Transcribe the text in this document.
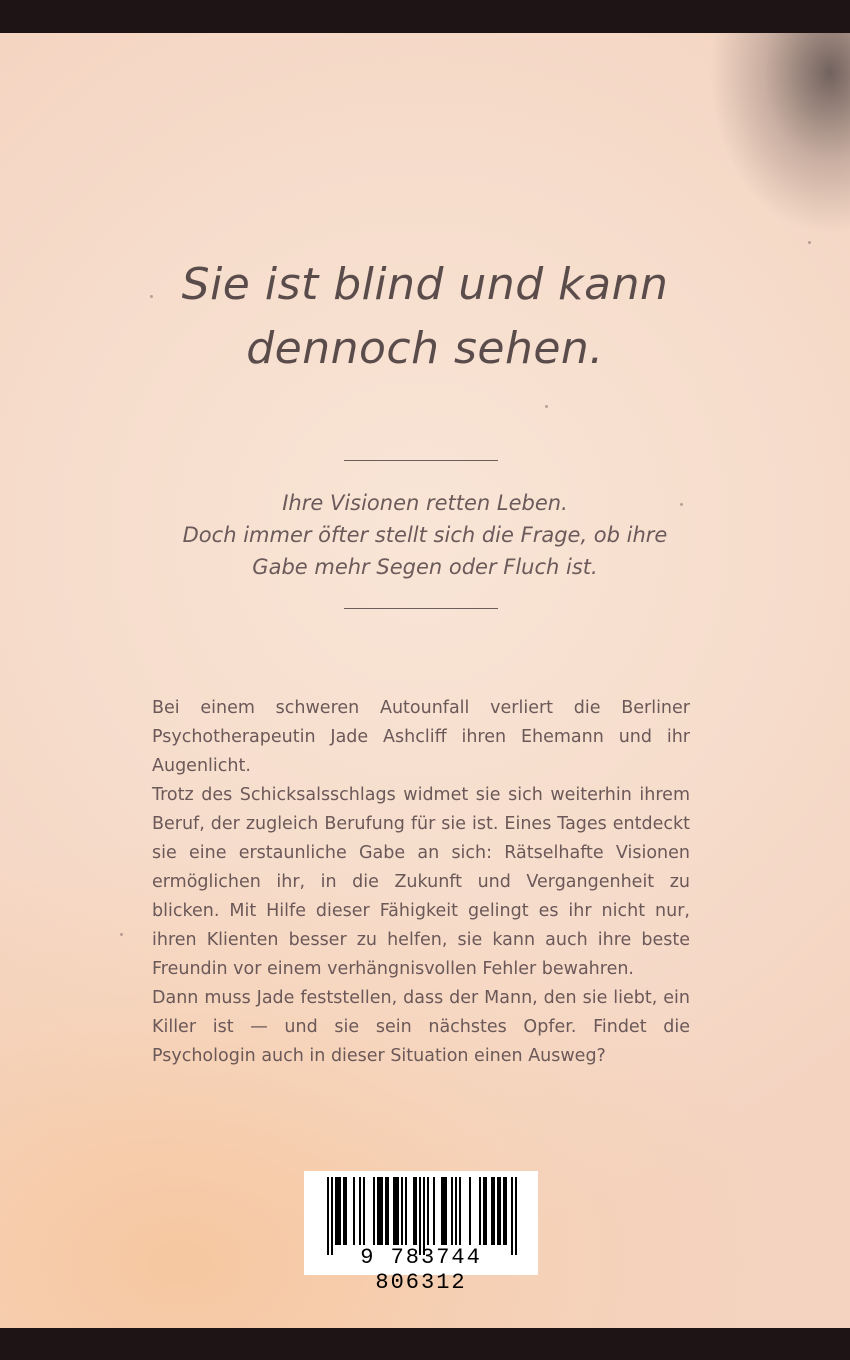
Sie ist blind und kann
dennoch sehen.

Ihre Visionen retten Leben.
Doch immer öfter stellt sich die Frage, ob ihre
Gabe mehr Segen oder Fluch ist.

Bei einem schweren Autounfall verliert die Berliner Psychotherapeutin Jade Ashcliff ihren Ehemann und ihr Augenlicht.

Trotz des Schicksalsschlags widmet sie sich weiterhin ihrem Beruf, der zugleich Berufung für sie ist. Eines Tages entdeckt sie eine erstaunliche Gabe an sich: Rätselhafte Visionen ermöglichen ihr, in die Zukunft und Vergangenheit zu blicken. Mit Hilfe dieser Fähigkeit gelingt es ihr nicht nur, ihren Klienten besser zu helfen, sie kann auch ihre beste Freundin vor einem verhängnisvollen Fehler bewahren.

Dann muss Jade feststellen, dass der Mann, den sie liebt, ein Killer ist — und sie sein nächstes Opfer. Findet die Psychologin auch in dieser Situation einen Ausweg?

9 783744 806312
